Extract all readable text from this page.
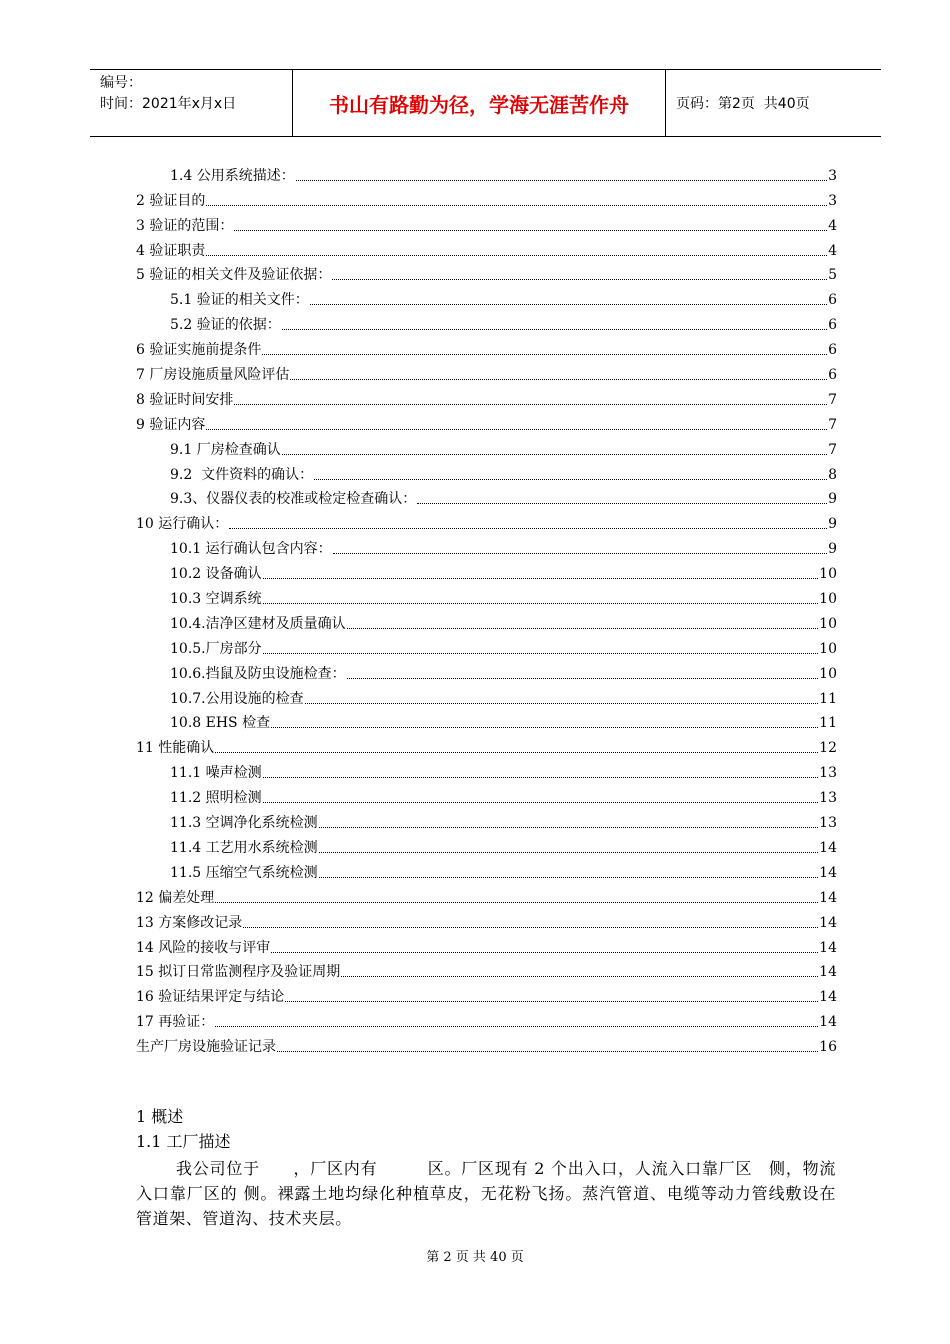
编号：
时间：2021年x月x日	书山有路勤为径，学海无涯苦作舟	页码：第2页  共40页
1.4 公用系统描述：	3
2 验证目的	3
3 验证的范围：	4
4 验证职责	4
5 验证的相关文件及验证依据：	5
5.1 验证的相关文件：	6
5.2 验证的依据：	6
6 验证实施前提条件	6
7 厂房设施质量风险评估	6
8 验证时间安排	7
9 验证内容	7
9.1 厂房检查确认	7
9.2  文件资料的确认：	8
9.3、仪器仪表的校准或检定检查确认：	9
10 运行确认：	9
10.1 运行确认包含内容：	9
10.2 设备确认	10
10.3 空调系统	10
10.4.洁净区建材及质量确认	10
10.5.厂房部分	10
10.6.挡鼠及防虫设施检查：	10
10.7.公用设施的检查	11
10.8 EHS 检查	11
11 性能确认	12
11.1 噪声检测	13
11.2 照明检测	13
11.3 空调净化系统检测	13
11.4 工艺用水系统检测	14
11.5 压缩空气系统检测	14
12 偏差处理	14
13 方案修改记录	14
14 风险的接收与评审	14
15 拟订日常监测程序及验证周期	14
16 验证结果评定与结论	14
17 再验证：	14
生产厂房设施验证记录	16
1 概述
1.1 工厂描述
我公司位于　　，厂区内有　　　区。厂区现有 2 个出入口，人流入口靠厂区　侧，物流入口靠厂区的 侧。裸露土地均绿化种植草皮，无花粉飞扬。蒸汽管道、电缆等动力管线敷设在管道架、管道沟、技术夹层。
第 2 页 共 40 页
